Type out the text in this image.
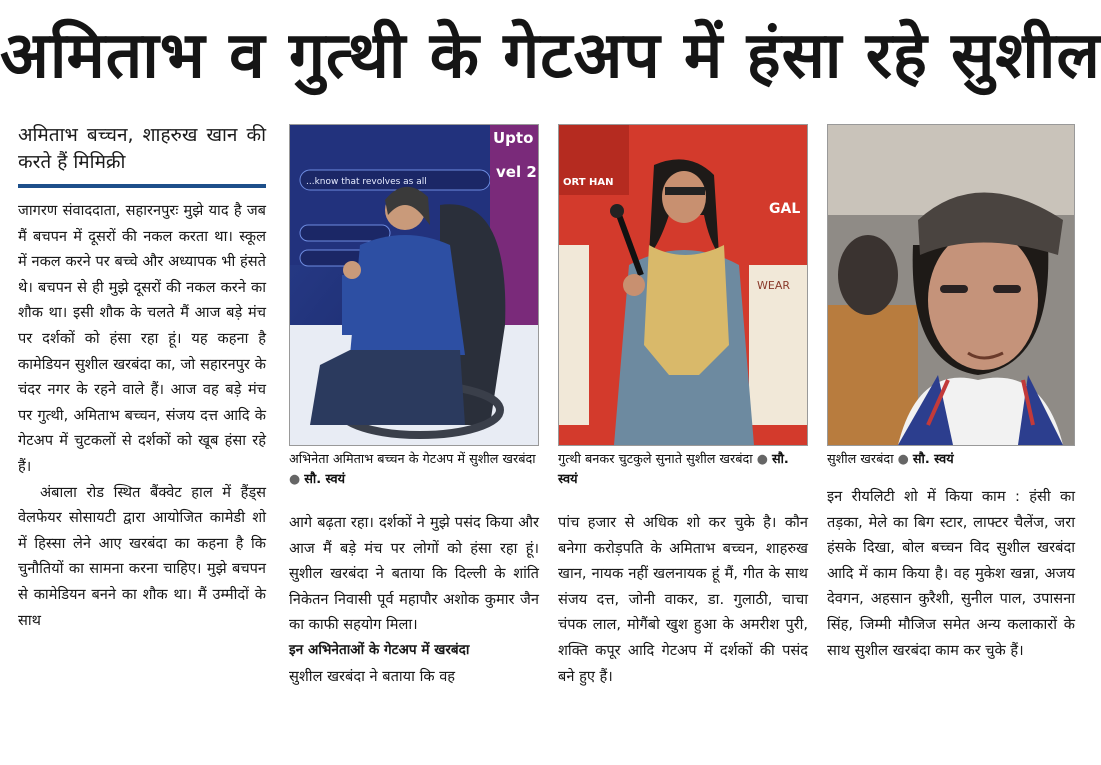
अमिताभ व गुत्थी के गेटअप में हंसा रहे सुशील
अमिताभ बच्चन, शाहरुख खान की करते हैं मिमिक्री

जागरण संवाददाता, सहारनपुरः मुझे याद है जब मैं बचपन में दूसरों की नकल करता था। स्कूल में नकल करने पर बच्चे और अध्यापक भी हंसते थे। बचपन से ही मुझे दूसरों की नकल करने का शौक था। इसी शौक के चलते मैं आज बड़े मंच पर दर्शकों को हंसा रहा हूं। यह कहना है कामेडियन सुशील खरबंदा का, जो सहारनपुर के चंदर नगर के रहने वाले हैं। आज वह बड़े मंच पर गुत्थी, अमिताभ बच्चन, संजय दत्त आदि के गेटअप में चुटकलों से दर्शकों को खूब हंसा रहे हैं।

अंबाला रोड स्थित बैंक्वेट हाल में हैंड्स वेलफेयर सोसायटी द्वारा आयोजित कामेडी शो में हिस्सा लेने आए खरबंदा का कहना है कि चुनौतियों का सामना करना चाहिए। मुझे बचपन से कामेडियन बनने का शौक था। मैं उम्मीदों के साथ

...know that revolves as all
Upto 1
vel 2
अभिनेता अमिताभ बच्चन के गेटअप में सुशील खरबंदा ● सौ. स्वयं
ORT HAN
GAL
WEAR
गुत्थी बनकर चुटकुले सुनाते सुशील खरबंदा ● सौ. स्वयं
सुशील खरबंदा ● सौ. स्वयं

आगे बढ़ता रहा। दर्शकों ने मुझे पसंद किया और आज मैं बड़े मंच पर लोगों को हंसा रहा हूं। सुशील खरबंदा ने बताया कि दिल्ली के शांति निकेतन निवासी पूर्व महापौर अशोक कुमार जैन का काफी सहयोग मिला।

इन अभिनेताओं के गेटअप में खरबंदा

सुशील खरबंदा ने बताया कि वह

पांच हजार से अधिक शो कर चुके है। कौन बनेगा करोड़पति के अमिताभ बच्चन, शाहरुख खान, नायक नहीं खलनायक हूं मैं, गीत के साथ संजय दत्त, जोनी वाकर, डा. गुलाठी, चाचा चंपक लाल, मोगैंबो खुश हुआ के अमरीश पुरी, शक्ति कपूर आदि गेटअप में दर्शकों की पसंद बने हुए हैं।

इन रीयलिटी शो में किया काम : हंसी का तड़का, मेले का बिग स्टार, लाफ्टर चैलेंज, जरा हंसके दिखा, बोल बच्चन विद सुशील खरबंदा आदि में काम किया है। वह मुकेश खन्ना, अजय देवगन, अहसान कुरैशी, सुनील पाल, उपासना सिंह, जिम्मी मौजिज समेत अन्य कलाकारों के साथ सुशील खरबंदा काम कर चुके हैं।
